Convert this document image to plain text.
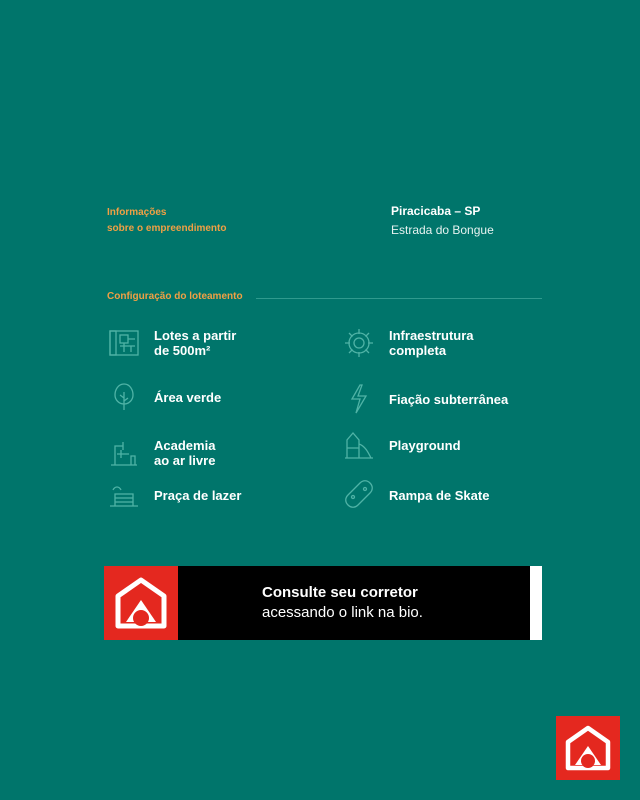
Informações
sobre o empreendimento
Piracicaba – SP
Estrada do Bongue
Configuração do loteamento
Lotes a partir
de 500m²
Infraestrutura
completa
Área verde	Fiação subterrânea
Academia
ao ar livre
Playground
Praça de lazer	Rampa de Skate
Consulte seu corretor
acessando o link na bio.
